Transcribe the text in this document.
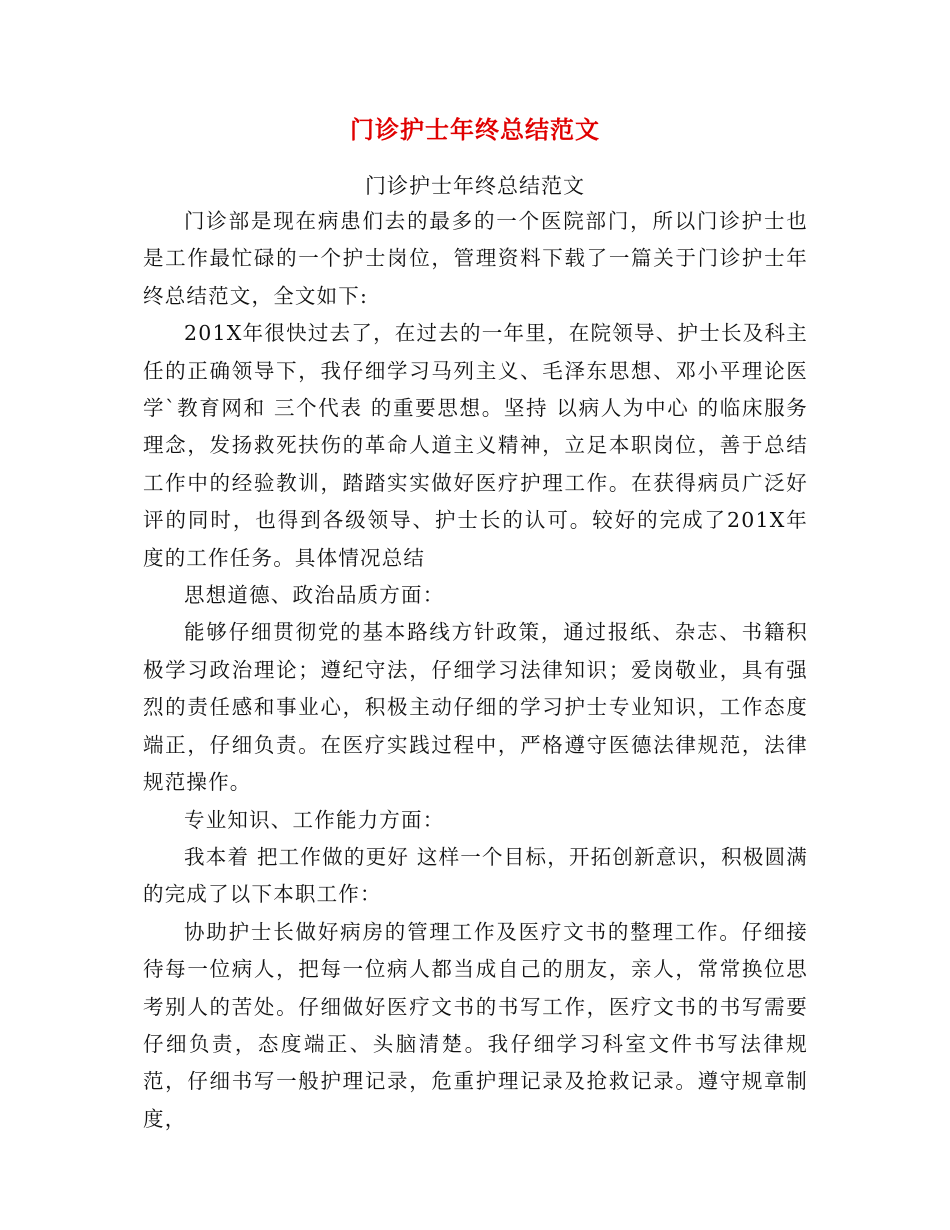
门诊护士年终总结范文
门诊护士年终总结范文

门诊部是现在病患们去的最多的一个医院部门，所以门诊护士也是工作最忙碌的一个护士岗位，管理资料下载了一篇关于门诊护士年终总结范文，全文如下:

201X年很快过去了，在过去的一年里，在院领导、护士长及科主任的正确领导下，我仔细学习马列主义、毛泽东思想、邓小平理论医学`教育网和 三个代表 的重要思想。坚持 以病人为中心 的临床服务理念，发扬救死扶伤的革命人道主义精神，立足本职岗位，善于总结工作中的经验教训，踏踏实实做好医疗护理工作。在获得病员广泛好评的同时，也得到各级领导、护士长的认可。较好的完成了201X年度的工作任务。具体情况总结

思想道德、政治品质方面：

能够仔细贯彻党的基本路线方针政策，通过报纸、杂志、书籍积极学习政治理论；遵纪守法，仔细学习法律知识；爱岗敬业，具有强烈的责任感和事业心，积极主动仔细的学习护士专业知识，工作态度端正，仔细负责。在医疗实践过程中，严格遵守医德法律规范，法律规范操作。

专业知识、工作能力方面：

我本着 把工作做的更好 这样一个目标，开拓创新意识，积极圆满的完成了以下本职工作：

协助护士长做好病房的管理工作及医疗文书的整理工作。仔细接待每一位病人，把每一位病人都当成自己的朋友，亲人，常常换位思考别人的苦处。仔细做好医疗文书的书写工作，医疗文书的书写需要仔细负责，态度端正、头脑清楚。我仔细学习科室文件书写法律规范，仔细书写一般护理记录，危重护理记录及抢救记录。遵守规章制度，
